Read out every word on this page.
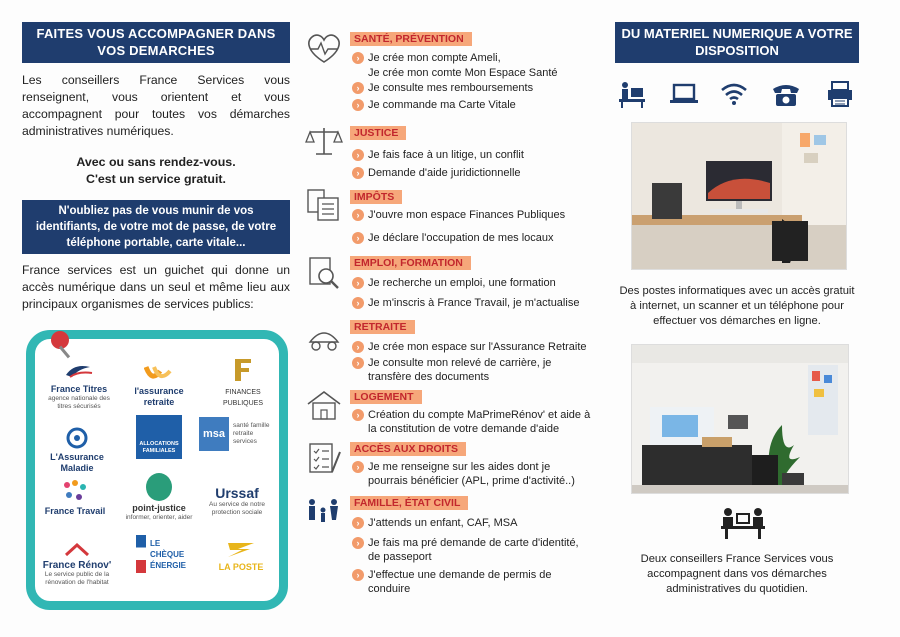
FAITES VOUS ACCOMPAGNER DANS VOS DEMARCHES

Les conseillers France Services vous renseignent, vous orientent et vous accompagnent pour toutes vos démarches administratives numériques.

Avec ou sans rendez-vous.
C'est un service gratuit.
N'oubliez pas de vous munir de vos identifiants, de votre mot de passe, de votre téléphone portable, carte vitale...

France services est un guichet qui donne un accès numérique dans un seul et même lieu aux principaux organismes de services publics:

France Titres
agence nationale des titres sécurisés
l'assurance retraite
FINANCES PUBLIQUES
L'Assurance Maladie
ALLOCATIONS FAMILIALES
msa
santé famille retraite services
France Travail	point-justice
informer, orienter, aider
Urssaf
Au service de notre protection sociale
France Rénov'
Le service public de la rénovation de l'habitat
LE CHÈQUE ÉNERGIE	LA POSTE
SANTÉ, PRÉVENTION
› Je crée mon compte Ameli,
Je crée mon comte Mon Espace Santé
› Je consulte mes remboursements
› Je commande ma Carte Vitale
JUSTICE
› Je fais face à un litige, un conflit
› Demande d'aide juridictionnelle
IMPÔTS
› J'ouvre mon espace Finances Publiques
› Je déclare l'occupation de mes locaux
EMPLOI, FORMATION
› Je recherche un emploi, une formation
› Je m'inscris à France Travail, je m'actualise
RETRAITE
› Je crée mon espace sur l'Assurance Retraite
› Je consulte mon relevé de carrière, je transfère des documents
LOGEMENT
› Création du compte MaPrimeRénov' et aide à la constitution de votre demande d'aide
ACCÈS AUX DROITS
› Je me renseigne sur les aides dont je pourrais bénéficier (APL, prime d'activité..)
FAMILLE, ÉTAT CIVIL
› J'attends un enfant, CAF, MSA
› Je fais ma pré demande de carte d'identité, de passeport
› J'effectue une demande de permis de conduire
DU MATERIEL NUMERIQUE A VOTRE DISPOSITION

Des postes informatiques avec un accès gratuit à internet, un scanner et un téléphone pour effectuer vos démarches en ligne.

Deux conseillers France Services vous accompagnent dans vos démarches administratives du quotidien.
